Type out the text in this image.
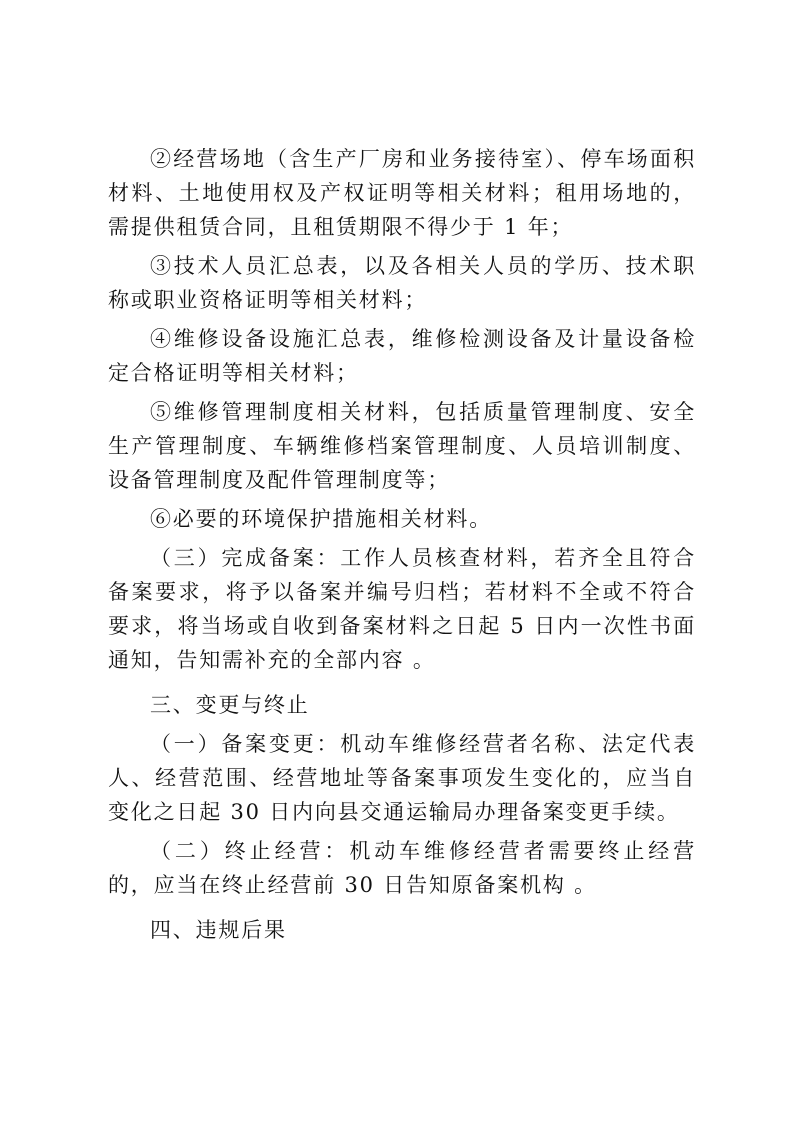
②经营场地（含生产厂房和业务接待室）、停车场面积材料、土地使用权及产权证明等相关材料；租用场地的，需提供租赁合同，且租赁期限不得少于 1 年；

③技术人员汇总表，以及各相关人员的学历、技术职称或职业资格证明等相关材料；

④维修设备设施汇总表，维修检测设备及计量设备检定合格证明等相关材料；

⑤维修管理制度相关材料，包括质量管理制度、安全生产管理制度、车辆维修档案管理制度、人员培训制度、设备管理制度及配件管理制度等；

⑥必要的环境保护措施相关材料。

（三）完成备案：工作人员核查材料，若齐全且符合备案要求，将予以备案并编号归档；若材料不全或不符合要求，将当场或自收到备案材料之日起 5 日内一次性书面通知，告知需补充的全部内容 。

三、变更与终止

（一）备案变更：机动车维修经营者名称、法定代表人、经营范围、经营地址等备案事项发生变化的，应当自变化之日起 30 日内向县交通运输局办理备案变更手续。

（二）终止经营：机动车维修经营者需要终止经营的，应当在终止经营前 30 日告知原备案机构 。

四、违规后果
